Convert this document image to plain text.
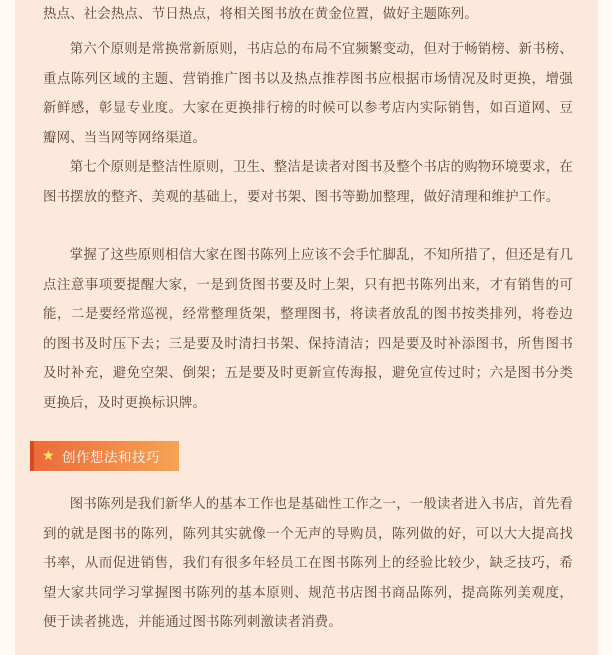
热点、社会热点、节日热点，将相关图书放在黄金位置，做好主题陈列。

第六个原则是常换常新原则，书店总的布局不宜频繁变动，但对于畅销榜、新书榜、重点陈列区域的主题、营销推广图书以及热点推荐图书应根据市场情况及时更换，增强新鲜感，彰显专业度。大家在更换排行榜的时候可以参考店内实际销售，如百道网、豆瓣网、当当网等网络渠道。

第七个原则是整洁性原则，卫生、整洁是读者对图书及整个书店的购物环境要求，在图书摆放的整齐、美观的基础上，要对书架、图书等勤加整理，做好清理和维护工作。

掌握了这些原则相信大家在图书陈列上应该不会手忙脚乱，不知所措了，但还是有几点注意事项要提醒大家，一是到货图书要及时上架，只有把书陈列出来，才有销售的可能，二是要经常巡视，经常整理货架，整理图书，将读者放乱的图书按类排列，将卷边的图书及时压下去；三是要及时清扫书架、保持清洁；四是要及时补添图书，所售图书及时补充，避免空架、倒架；五是要及时更新宣传海报，避免宣传过时；六是图书分类更换后，及时更换标识牌。

★ 创作想法和技巧

图书陈列是我们新华人的基本工作也是基础性工作之一，一般读者进入书店，首先看到的就是图书的陈列，陈列其实就像一个无声的导购员，陈列做的好，可以大大提高找书率，从而促进销售，我们有很多年轻员工在图书陈列上的经验比较少，缺乏技巧，希望大家共同学习掌握图书陈列的基本原则、规范书店图书商品陈列，提高陈列美观度，便于读者挑选，并能通过图书陈列刺激读者消费。
